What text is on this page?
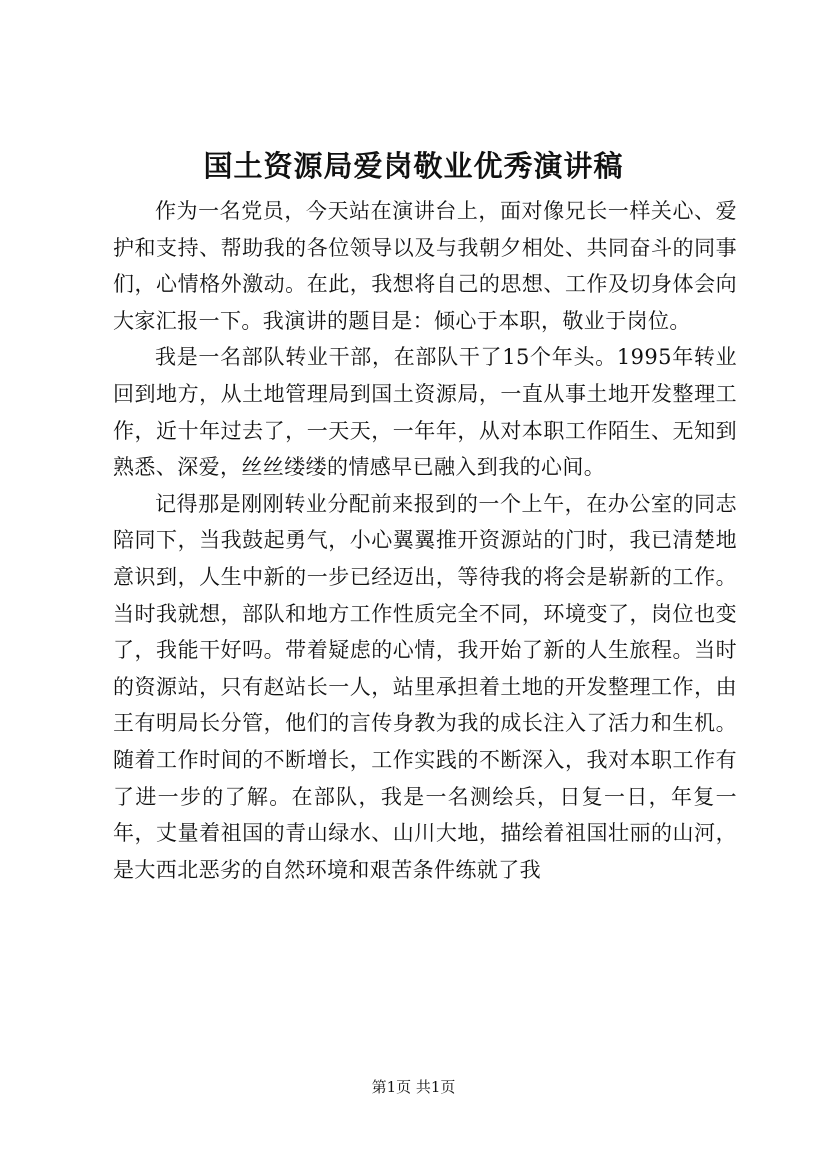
国土资源局爱岗敬业优秀演讲稿

作为一名党员，今天站在演讲台上，面对像兄长一样关心、爱护和支持、帮助我的各位领导以及与我朝夕相处、共同奋斗的同事们，心情格外激动。在此，我想将自己的思想、工作及切身体会向大家汇报一下。我演讲的题目是：倾心于本职，敬业于岗位。

我是一名部队转业干部，在部队干了15个年头。1995年转业回到地方，从土地管理局到国土资源局，一直从事土地开发整理工作，近十年过去了，一天天，一年年，从对本职工作陌生、无知到熟悉、深爱，丝丝缕缕的情感早已融入到我的心间。

记得那是刚刚转业分配前来报到的一个上午，在办公室的同志陪同下，当我鼓起勇气，小心翼翼推开资源站的门时，我已清楚地意识到，人生中新的一步已经迈出，等待我的将会是崭新的工作。当时我就想，部队和地方工作性质完全不同，环境变了，岗位也变了，我能干好吗。带着疑虑的心情，我开始了新的人生旅程。当时的资源站，只有赵站长一人，站里承担着土地的开发整理工作，由王有明局长分管，他们的言传身教为我的成长注入了活力和生机。随着工作时间的不断增长，工作实践的不断深入，我对本职工作有了进一步的了解。在部队，我是一名测绘兵，日复一日，年复一年，丈量着祖国的青山绿水、山川大地，描绘着祖国壮丽的山河，是大西北恶劣的自然环境和艰苦条件练就了我

第1页 共1页
